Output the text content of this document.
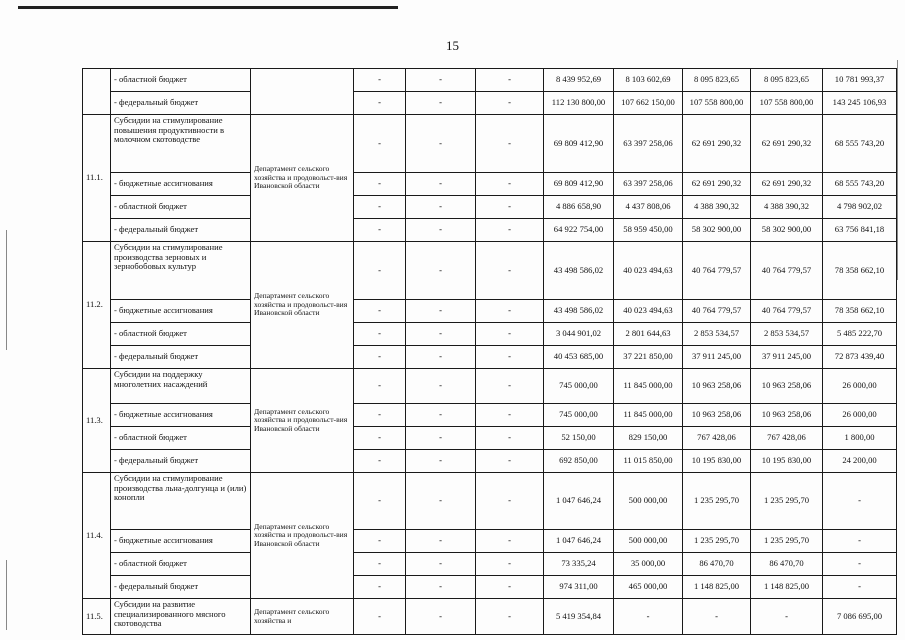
15
	- областной бюджет		-	-	-	8 439 952,69	8 103 602,69	8 095 823,65	8 095 823,65	10 781 993,37
	- федеральный бюджет		-	-	-	112 130 800,00	107 662 150,00	107 558 800,00	107 558 800,00	143 245 106,93
11.1.	Субсидии на стимулирование повышения продуктивности в молочном скотоводстве	Департамент сельского хозяйства и продовольст-вия Ивановской области	-	-	-	69 809 412,90	63 397 258,06	62 691 290,32	62 691 290,32	68 555 743,20
	- бюджетные ассигнования		-	-	-	69 809 412,90	63 397 258,06	62 691 290,32	62 691 290,32	68 555 743,20
	- областной бюджет		-	-	-	4 886 658,90	4 437 808,06	4 388 390,32	4 388 390,32	4 798 902,02
	- федеральный бюджет		-	-	-	64 922 754,00	58 959 450,00	58 302 900,00	58 302 900,00	63 756 841,18
11.2.	Субсидии на стимулирование производства зерновых и зернобобовых культур	Департамент сельского хозяйства и продовольст-вия Ивановской области	-	-	-	43 498 586,02	40 023 494,63	40 764 779,57	40 764 779,57	78 358 662,10
	- бюджетные ассигнования		-	-	-	43 498 586,02	40 023 494,63	40 764 779,57	40 764 779,57	78 358 662,10
	- областной бюджет		-	-	-	3 044 901,02	2 801 644,63	2 853 534,57	2 853 534,57	5 485 222,70
	- федеральный бюджет		-	-	-	40 453 685,00	37 221 850,00	37 911 245,00	37 911 245,00	72 873 439,40
11.3.	Субсидии на поддержку многолетних насаждений	Департамент сельского хозяйства и продовольст-вия Ивановской области	-	-	-	745 000,00	11 845 000,00	10 963 258,06	10 963 258,06	26 000,00
	- бюджетные ассигнования		-	-	-	745 000,00	11 845 000,00	10 963 258,06	10 963 258,06	26 000,00
	- областной бюджет		-	-	-	52 150,00	829 150,00	767 428,06	767 428,06	1 800,00
	- федеральный бюджет		-	-	-	692 850,00	11 015 850,00	10 195 830,00	10 195 830,00	24 200,00
11.4.	Субсидии на стимулирование производства льна-долгунца и (или) конопли	Департамент сельского хозяйства и продовольст-вия Ивановской области	-	-	-	1 047 646,24	500 000,00	1 235 295,70	1 235 295,70	-
	- бюджетные ассигнования		-	-	-	1 047 646,24	500 000,00	1 235 295,70	1 235 295,70	-
	- областной бюджет		-	-	-	73 335,24	35 000,00	86 470,70	86 470,70	-
	- федеральный бюджет		-	-	-	974 311,00	465 000,00	1 148 825,00	1 148 825,00	-
11.5.	Субсидии на развитие специализированного мясного скотоводства	Департамент сельского хозяйства и	-	-	-	5 419 354,84	-	-	-	7 086 695,00
